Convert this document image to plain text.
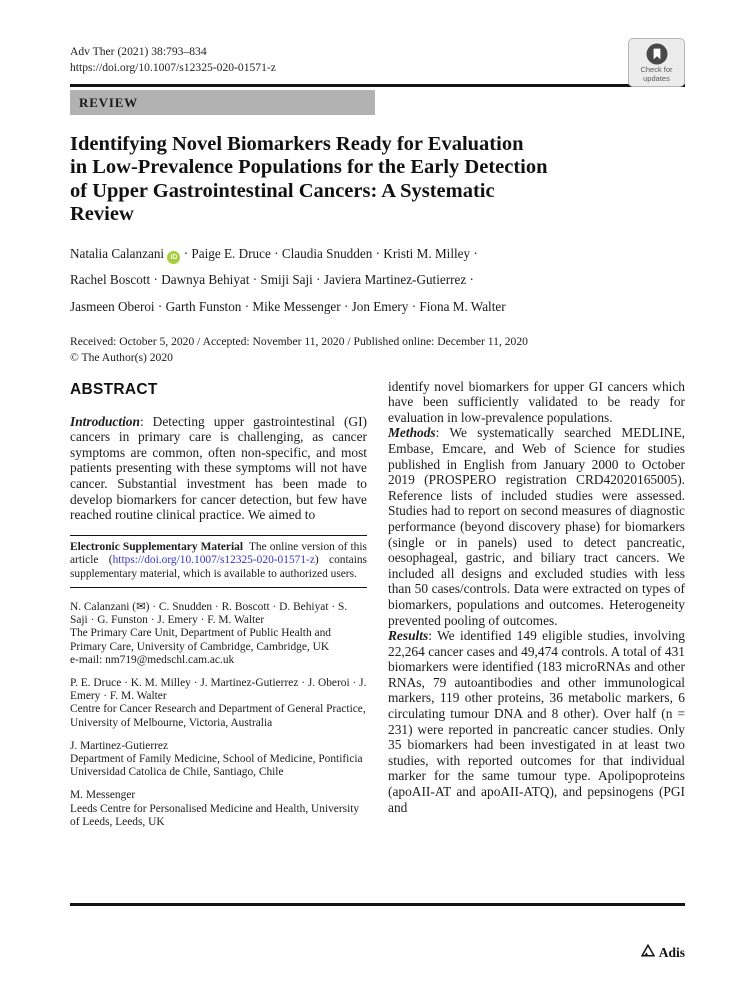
Adv Ther (2021) 38:793–834
https://doi.org/10.1007/s12325-020-01571-z	Check for
updates
REVIEW
Identifying Novel Biomarkers Ready for Evaluation
in Low-Prevalence Populations for the Early Detection
of Upper Gastrointestinal Cancers: A Systematic
Review
Natalia Calanzani iD · Paige E. Druce · Claudia Snudden · Kristi M. Milley ·
Rachel Boscott · Dawnya Behiyat · Smiji Saji · Javiera Martinez-Gutierrez ·
Jasmeen Oberoi · Garth Funston · Mike Messenger · Jon Emery · Fiona M. Walter
Received: October 5, 2020 / Accepted: November 11, 2020 / Published online: December 11, 2020
© The Author(s) 2020
ABSTRACT

Introduction: Detecting upper gastrointestinal (GI) cancers in primary care is challenging, as cancer symptoms are common, often non-specific, and most patients presenting with these symptoms will not have cancer. Substantial investment has been made to develop biomarkers for cancer detection, but few have reached routine clinical practice. We aimed to

Electronic Supplementary Material The online version of this article (https://doi.org/10.1007/s12325-020-01571-z) contains supplementary material, which is available to authorized users.
N. Calanzani (✉) · C. Snudden · R. Boscott · D. Behiyat · S. Saji · G. Funston · J. Emery · F. M. Walter
The Primary Care Unit, Department of Public Health and Primary Care, University of Cambridge, Cambridge, UK
e-mail: nm719@medschl.cam.ac.uk
P. E. Druce · K. M. Milley · J. Martinez-Gutierrez · J. Oberoi · J. Emery · F. M. Walter
Centre for Cancer Research and Department of General Practice, University of Melbourne, Victoria, Australia
J. Martinez-Gutierrez
Department of Family Medicine, School of Medicine, Pontificia Universidad Catolica de Chile, Santiago, Chile
M. Messenger
Leeds Centre for Personalised Medicine and Health, University of Leeds, Leeds, UK

identify novel biomarkers for upper GI cancers which have been sufficiently validated to be ready for evaluation in low-prevalence populations.

Methods: We systematically searched MEDLINE, Embase, Emcare, and Web of Science for studies published in English from January 2000 to October 2019 (PROSPERO registration CRD42020165005). Reference lists of included studies were assessed. Studies had to report on second measures of diagnostic performance (beyond discovery phase) for biomarkers (single or in panels) used to detect pancreatic, oesophageal, gastric, and biliary tract cancers. We included all designs and excluded studies with less than 50 cases/controls. Data were extracted on types of biomarkers, populations and outcomes. Heterogeneity prevented pooling of outcomes.

Results: We identified 149 eligible studies, involving 22,264 cancer cases and 49,474 controls. A total of 431 biomarkers were identified (183 microRNAs and other RNAs, 79 autoantibodies and other immunological markers, 119 other proteins, 36 metabolic markers, 6 circulating tumour DNA and 8 other). Over half (n = 231) were reported in pancreatic cancer studies. Only 35 biomarkers had been investigated in at least two studies, with reported outcomes for that individual marker for the same tumour type. Apolipoproteins (apoAII-AT and apoAII-ATQ), and pepsinogens (PGI and

Adis
